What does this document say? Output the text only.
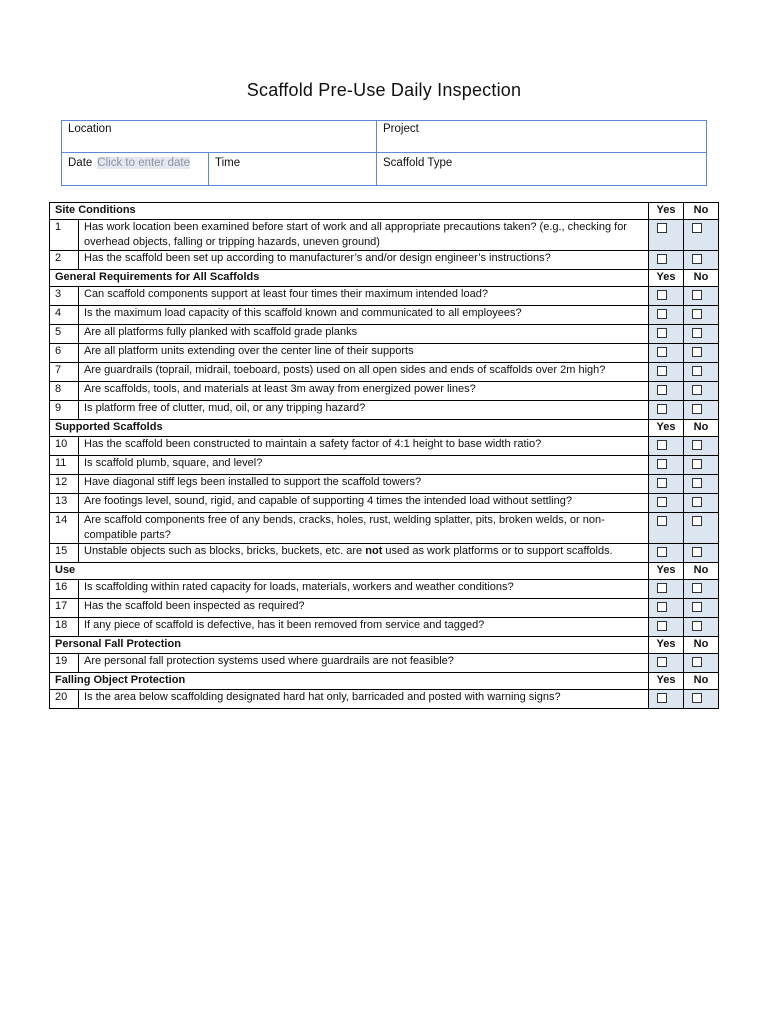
Scaffold Pre-Use Daily Inspection
Location		Project
Date Click to enter date	Time	Scaffold Type
Site Conditions		Yes	No
1	Has work location been examined before start of work and all appropriate precautions taken? (e.g., checking for overhead objects, falling or tripping hazards, uneven ground)		
2	Has the scaffold been set up according to manufacturer’s and/or design engineer’s instructions?		
General Requirements for All Scaffolds		Yes	No
3	Can scaffold components support at least four times their maximum intended load?		
4	Is the maximum load capacity of this scaffold known and communicated to all employees?		
5	Are all platforms fully planked with scaffold grade planks		
6	Are all platform units extending over the center line of their supports		
7	Are guardrails (toprail, midrail, toeboard, posts) used on all open sides and ends of scaffolds over 2m high?		
8	Are scaffolds, tools, and materials at least 3m away from energized power lines?		
9	Is platform free of clutter, mud, oil, or any tripping hazard?		
Supported Scaffolds		Yes	No
10	Has the scaffold been constructed to maintain a safety factor of 4:1 height to base width ratio?		
11	Is scaffold plumb, square, and level?		
12	Have diagonal stiff legs been installed to support the scaffold towers?		
13	Are footings level, sound, rigid, and capable of supporting 4 times the intended load without settling?		
14	Are scaffold components free of any bends, cracks, holes, rust, welding splatter, pits, broken welds, or non-compatible parts?		
15	Unstable objects such as blocks, bricks, buckets, etc. are not used as work platforms or to support scaffolds.		
Use		Yes	No
16	Is scaffolding within rated capacity for loads, materials, workers and weather conditions?		
17	Has the scaffold been inspected as required?		
18	If any piece of scaffold is defective, has it been removed from service and tagged?		
Personal Fall Protection		Yes	No
19	Are personal fall protection systems used where guardrails are not feasible?		
Falling Object Protection		Yes	No
20	Is the area below scaffolding designated hard hat only, barricaded and posted with warning signs?		
